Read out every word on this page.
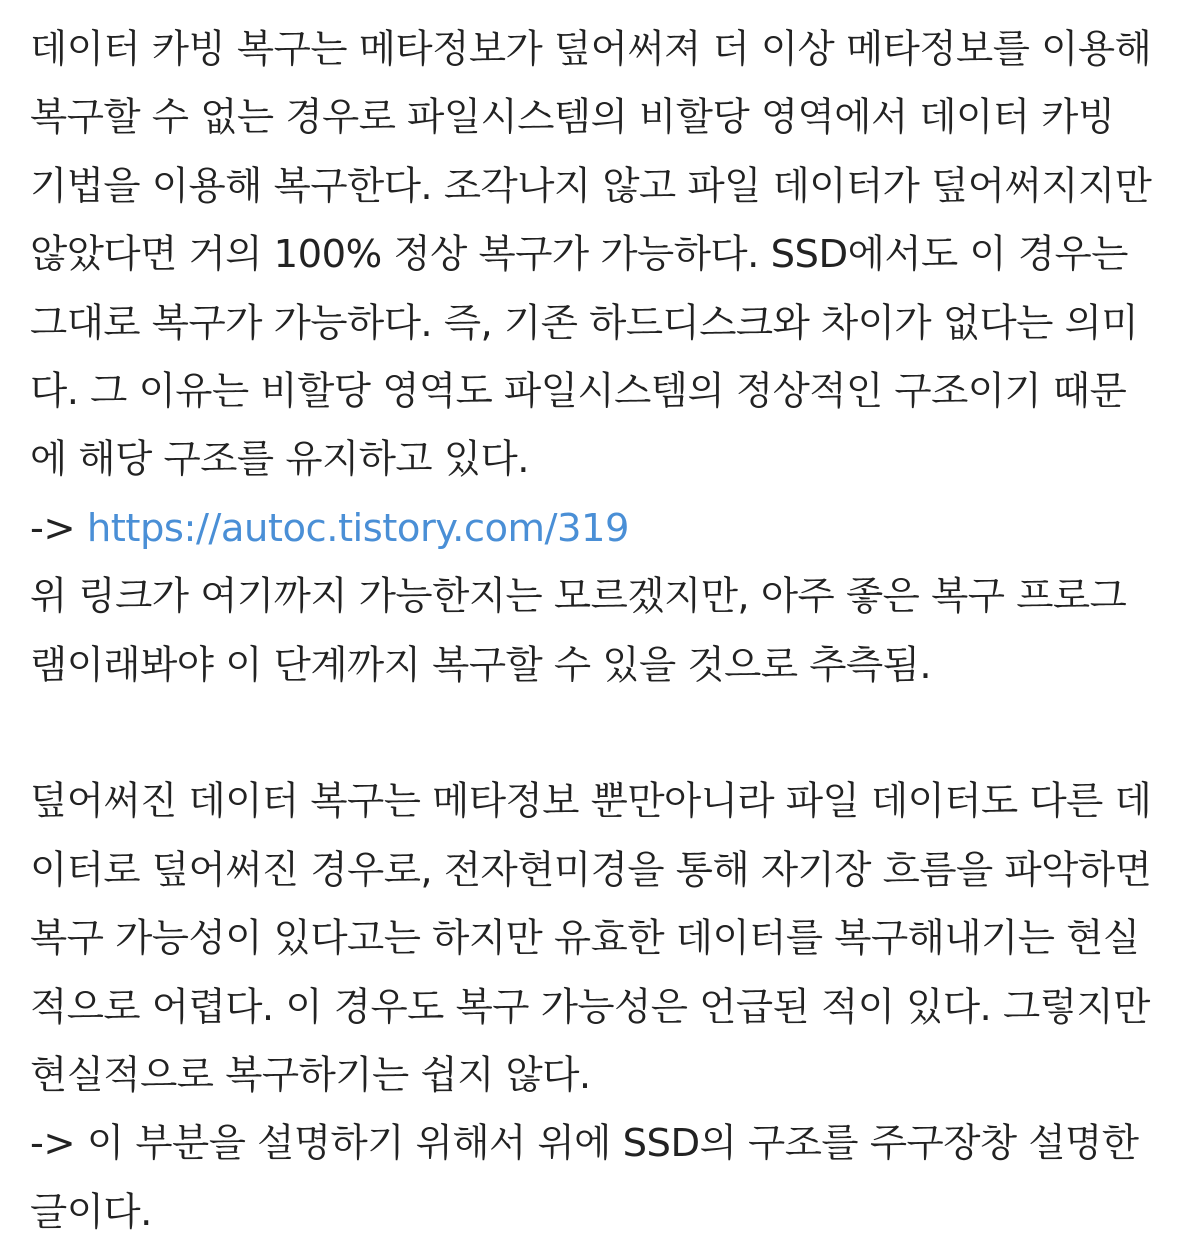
데이터 카빙 복구는 메타정보가 덮어써져 더 이상 메타정보를 이용해
복구할 수 없는 경우로 파일시스템의 비할당 영역에서 데이터 카빙
기법을 이용해 복구한다. 조각나지 않고 파일 데이터가 덮어써지지만
않았다면 거의 100% 정상 복구가 가능하다. SSD에서도 이 경우는
그대로 복구가 가능하다. 즉, 기존 하드디스크와 차이가 없다는 의미
다. 그 이유는 비할당 영역도 파일시스템의 정상적인 구조이기 때문
에 해당 구조를 유지하고 있다.
-> https://autoc.tistory.com/319
위 링크가 여기까지 가능한지는 모르겠지만, 아주 좋은 복구 프로그
램이래봐야 이 단계까지 복구할 수 있을 것으로 추측됨.

덮어써진 데이터 복구는 메타정보 뿐만아니라 파일 데이터도 다른 데
이터로 덮어써진 경우로, 전자현미경을 통해 자기장 흐름을 파악하면
복구 가능성이 있다고는 하지만 유효한 데이터를 복구해내기는 현실
적으로 어렵다. 이 경우도 복구 가능성은 언급된 적이 있다. 그렇지만
현실적으로 복구하기는 쉽지 않다.
-> 이 부분을 설명하기 위해서 위에 SSD의 구조를 주구장창 설명한
글이다.
